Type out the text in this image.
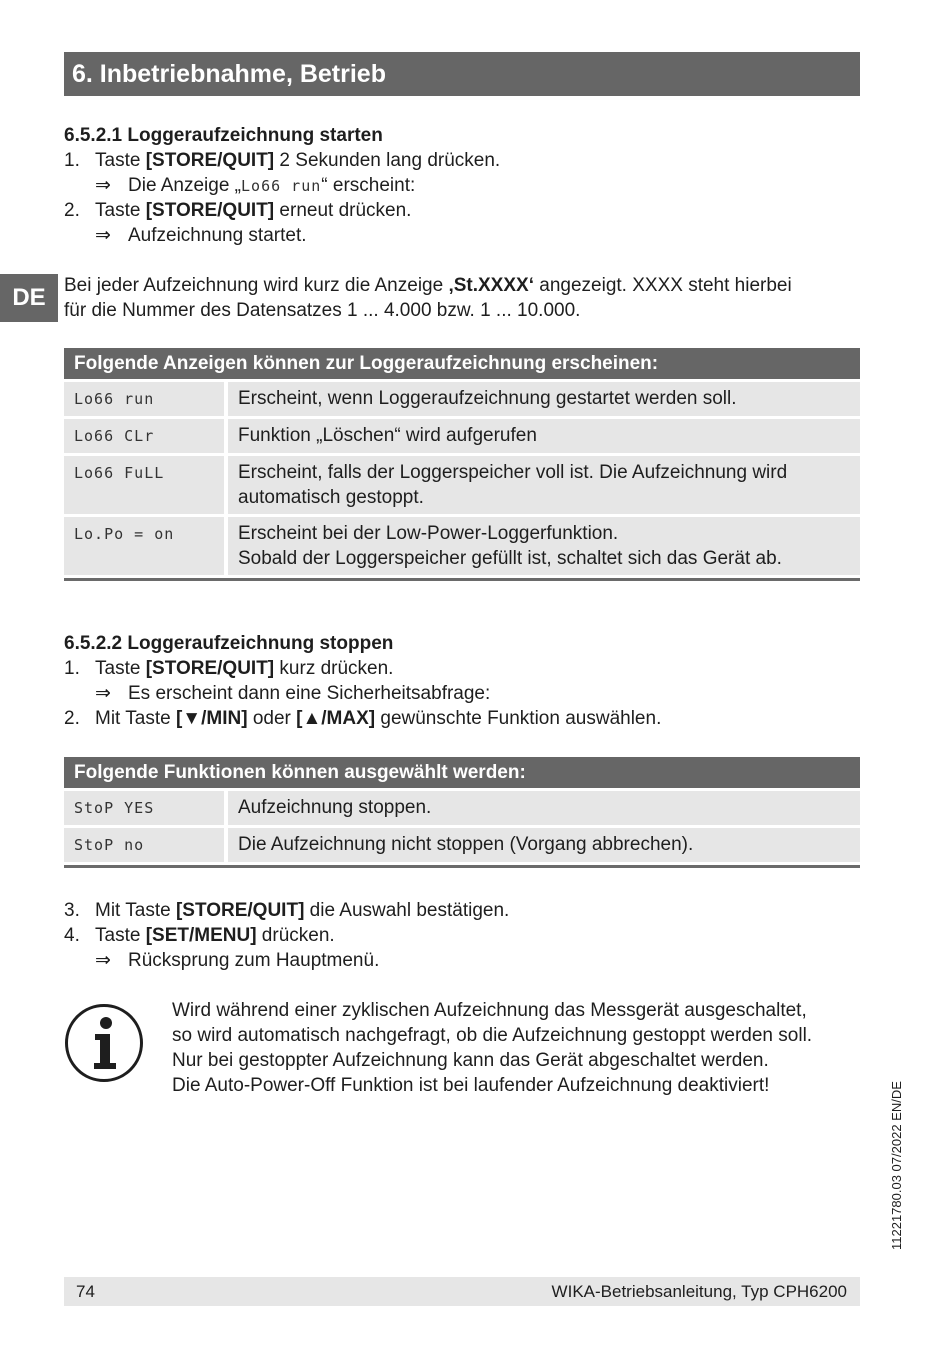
6. Inbetriebnahme, Betrieb
DE
6.5.2.1 Loggeraufzeichnung starten
1. Taste [STORE/QUIT] 2 Sekunden lang drücken.
⇒ Die Anzeige „Lo66 run“ erscheint:
2. Taste [STORE/QUIT] erneut drücken.
⇒ Aufzeichnung startet.
Bei jeder Aufzeichnung wird kurz die Anzeige ‚St.XXXX‘ angezeigt. XXXX steht hierbei
für die Nummer des Datensatzes 1 ... 4.000 bzw. 1 ... 10.000.
Folgende Anzeigen können zur Loggeraufzeichnung erscheinen:	
Lo66 run	Erscheint, wenn Loggeraufzeichnung gestartet werden soll.
Lo66 CLr	Funktion „Löschen“ wird aufgerufen
Lo66 FuLL	Erscheint, falls der Loggerspeicher voll ist. Die Aufzeichnung wird
automatisch gestoppt.

Lo.Po = on	Erscheint bei der Low-Power-Loggerfunktion.
Sobald der Loggerspeicher gefüllt ist, schaltet sich das Gerät ab.
6.5.2.2 Loggeraufzeichnung stoppen
1. Taste [STORE/QUIT] kurz drücken.
⇒ Es erscheint dann eine Sicherheitsabfrage:
2. Mit Taste [▼/MIN] oder [▲/MAX] gewünschte Funktion auswählen.
Folgende Funktionen können ausgewählt werden:	
StoP YES	Aufzeichnung stoppen.
StoP no	Die Aufzeichnung nicht stoppen (Vorgang abbrechen).
3. Mit Taste [STORE/QUIT] die Auswahl bestätigen.
4. Taste [SET/MENU] drücken.
⇒ Rücksprung zum Hauptmenü.
Wird während einer zyklischen Aufzeichnung das Messgerät ausgeschaltet,
so wird automatisch nachgefragt, ob die Aufzeichnung gestoppt werden soll.
Nur bei gestoppter Aufzeichnung kann das Gerät abgeschaltet werden.
Die Auto-Power-Off Funktion ist bei laufender Aufzeichnung deaktiviert!	11221780.03 07/2022 EN/DE
74	WIKA-Betriebsanleitung, Typ CPH6200
